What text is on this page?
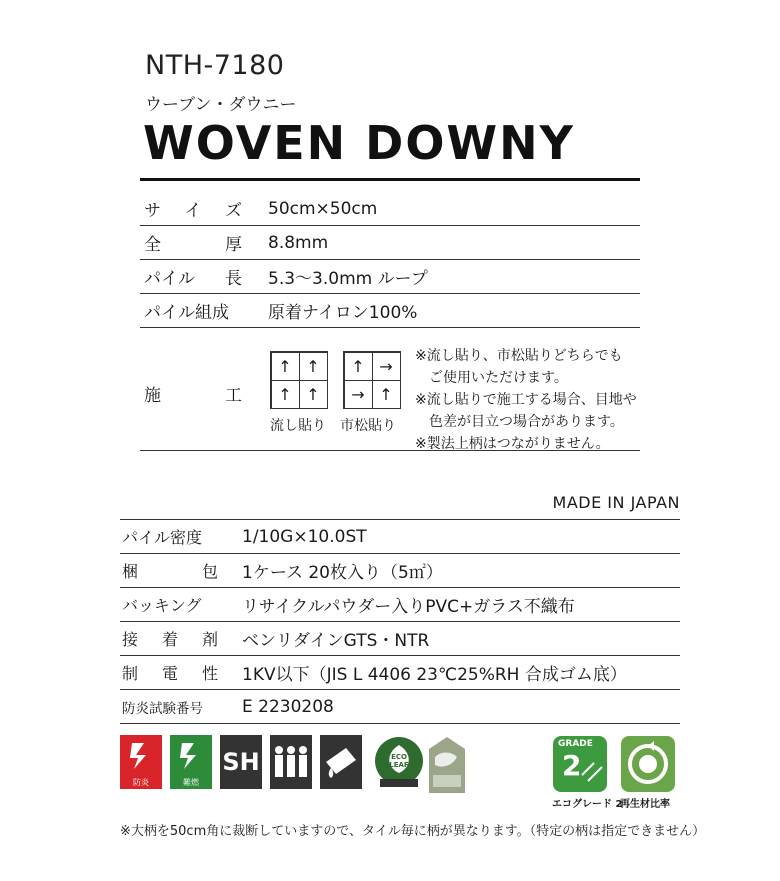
NTH-7180
ウーブン・ダウニー
WOVEN DOWNY
サ イ ズ 50cm×50cm
全	厚 8.8mm
パイル 長 5.3〜3.0mm ループ
パイル組成 原着ナイロン100%
施	工
↑ ↑
↑ ↑
↑ →
→ ↑
流し貼り 市松貼り
※流し貼り、市松貼りどちらでも
ご使用いただけます。
※流し貼りで施工する場合、目地や
色差が目立つ場合があります。
※製法上柄はつながりません。
MADE IN JAPAN
パイル密度 1/10G×10.0ST
梱	包 1ケース 20枚入り（5㎡）
バッキング リサイクルパウダー入りPVC+ガラス不織布
接 着 剤 ベンリダインGTS・NTR
制 電 性 1KV以下（JIS L 4406 23℃25%RH 合成ゴム底）
防炎試験番号 E 2230208
防炎	難燃
SH	ECO LEAF
GRADE
2
エコグレード 2
再生材比率
※大柄を50cm角に裁断していますので、タイル毎に柄が異なります。（特定の柄は指定できません）
